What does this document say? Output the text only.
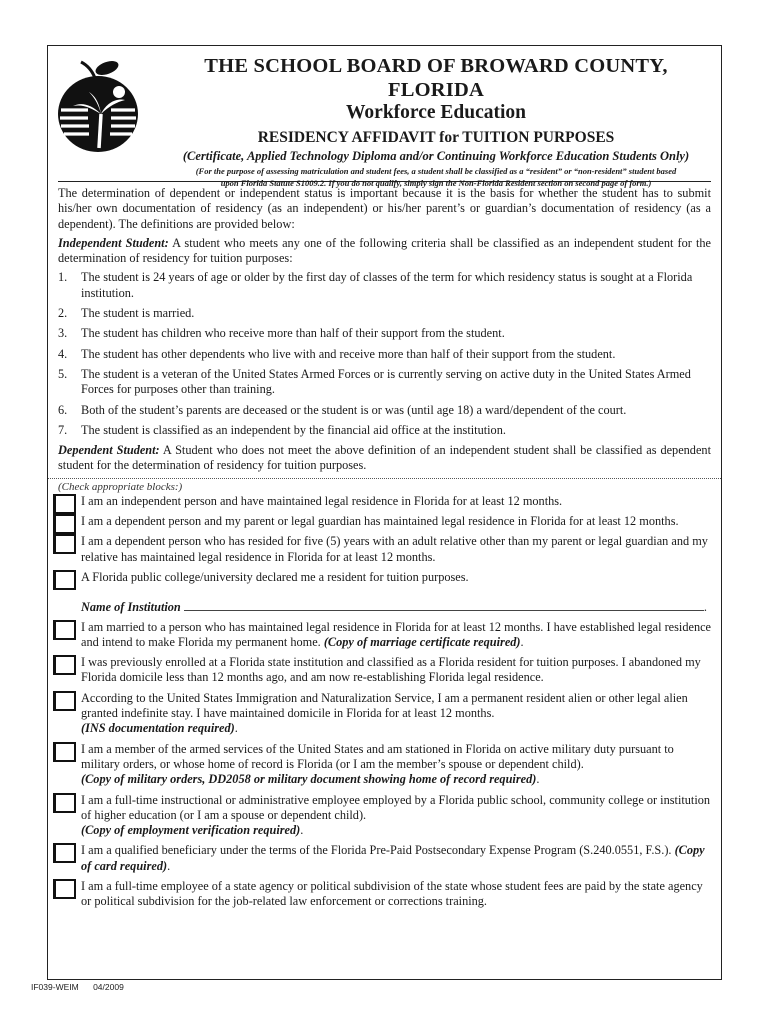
THE SCHOOL BOARD OF BROWARD COUNTY, FLORIDA
Workforce Education
RESIDENCY AFFIDAVIT for TUITION PURPOSES
(Certificate, Applied Technology Diploma and/or Continuing Workforce Education Students Only)
(For the purpose of assessing matriculation and student fees, a student shall be classified as a “resident” or “non-resident” student based
upon Florida Statute S1009.2. If you do not qualify, simply sign the Non-Florida Resident section on second page of form.)

The determination of dependent or independent status is important because it is the basis for whether the student has to submit his/her own documentation of residency (as an independent) or his/her parent’s or guardian’s documentation of residency (as a dependent). The definitions are provided below:

Independent Student: A student who meets any one of the following criteria shall be classified as an independent student for the determination of residency for tuition purposes:

1. The student is 24 years of age or older by the first day of classes of the term for which residency status is sought at a Florida institution.
2. The student is married.
3. The student has children who receive more than half of their support from the student.
4. The student has other dependents who live with and receive more than half of their support from the student.
5. The student is a veteran of the United States Armed Forces or is currently serving on active duty in the United States Armed Forces for purposes other than training.
6. Both of the student’s parents are deceased or the student is or was (until age 18) a ward/dependent of the court.
7. The student is classified as an independent by the financial aid office at the institution.

Dependent Student: A Student who does not meet the above definition of an independent student shall be classified as dependent student for the determination of residency for tuition purposes.

(Check appropriate blocks:)
I am an independent person and have maintained legal residence in Florida for at least 12 months.
I am a dependent person and my parent or legal guardian has maintained legal residence in Florida for at least 12 months.
I am a dependent person who has resided for five (5) years with an adult relative other than my parent or legal guardian and my relative has maintained legal residence in Florida for at least 12 months.
A Florida public college/university declared me a resident for tuition purposes.
Name of Institution	.
I am married to a person who has maintained legal residence in Florida for at least 12 months. I have established legal residence and intend to make Florida my permanent home. (Copy of marriage certificate required).
I was previously enrolled at a Florida state institution and classified as a Florida resident for tuition purposes. I abandoned my Florida domicile less than 12 months ago, and am now re-establishing Florida legal residence.
According to the United States Immigration and Naturalization Service, I am a permanent resident alien or other legal alien granted indefinite stay. I have maintained domicile in Florida for at least 12 months.
(INS documentation required).
I am a member of the armed services of the United States and am stationed in Florida on active military duty pursuant to military orders, or whose home of record is Florida (or I am the member’s spouse or dependent child).
(Copy of military orders, DD2058 or military document showing home of record required).
I am a full-time instructional or administrative employee employed by a Florida public school, community college or institution of higher education (or I am a spouse or dependent child).
(Copy of employment verification required).
I am a qualified beneficiary under the terms of the Florida Pre-Paid Postsecondary Expense Program (S.240.0551, F.S.). (Copy of card required).
I am a full-time employee of a state agency or political subdivision of the state whose student fees are paid by the state agency or political subdivision for the job-related law enforcement or corrections training.
IF039-WEIM 04/2009
